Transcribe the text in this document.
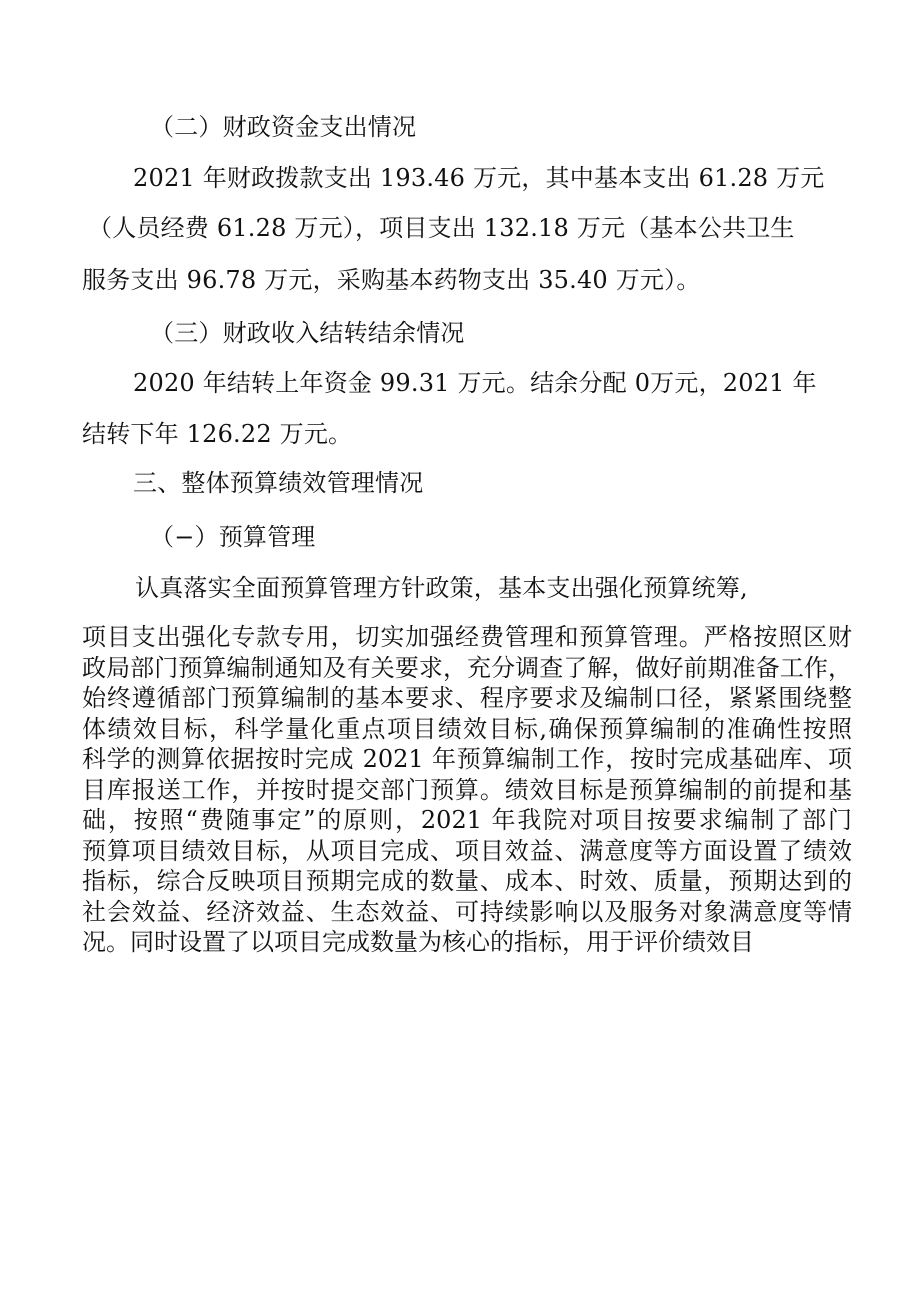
（二）财政资金支出情况
2021 年财政拨款支出 193.46 万元，其中基本支出 61.28 万元
（人员经费 61.28 万元），项目支出 132.18 万元（基本公共卫生
服务支出 96.78 万元，采购基本药物支出 35.40 万元）。
（三）财政收入结转结余情况
2020 年结转上年资金 99.31 万元。结余分配 0万元，2021 年
结转下年 126.22 万元。
三、整体预算绩效管理情况
（−）预算管理
认真落实全面预算管理方针政策，基本支出强化预算统筹,
项目支出强化专款专用，切实加强经费管理和预算管理。严格按照区财
政局部门预算编制通知及有关要求，充分调查了解，做好前期准备工作，
始终遵循部门预算编制的基本要求、程序要求及编制口径，紧紧围绕整
体绩效目标，科学量化重点项目绩效目标,确保预算编制的准确性按照
科学的测算依据按时完成 2021 年预算编制工作，按时完成基础库、项
目库报送工作，并按时提交部门预算。绩效目标是预算编制的前提和基
础，按照“费随事定”的原则，2021 年我院对项目按要求编制了部门
预算项目绩效目标，从项目完成、项目效益、满意度等方面设置了绩效
指标，综合反映项目预期完成的数量、成本、时效、质量，预期达到的
社会效益、经济效益、生态效益、可持续影响以及服务对象满意度等情
况。同时设置了以项目完成数量为核心的指标，用于评价绩效目
